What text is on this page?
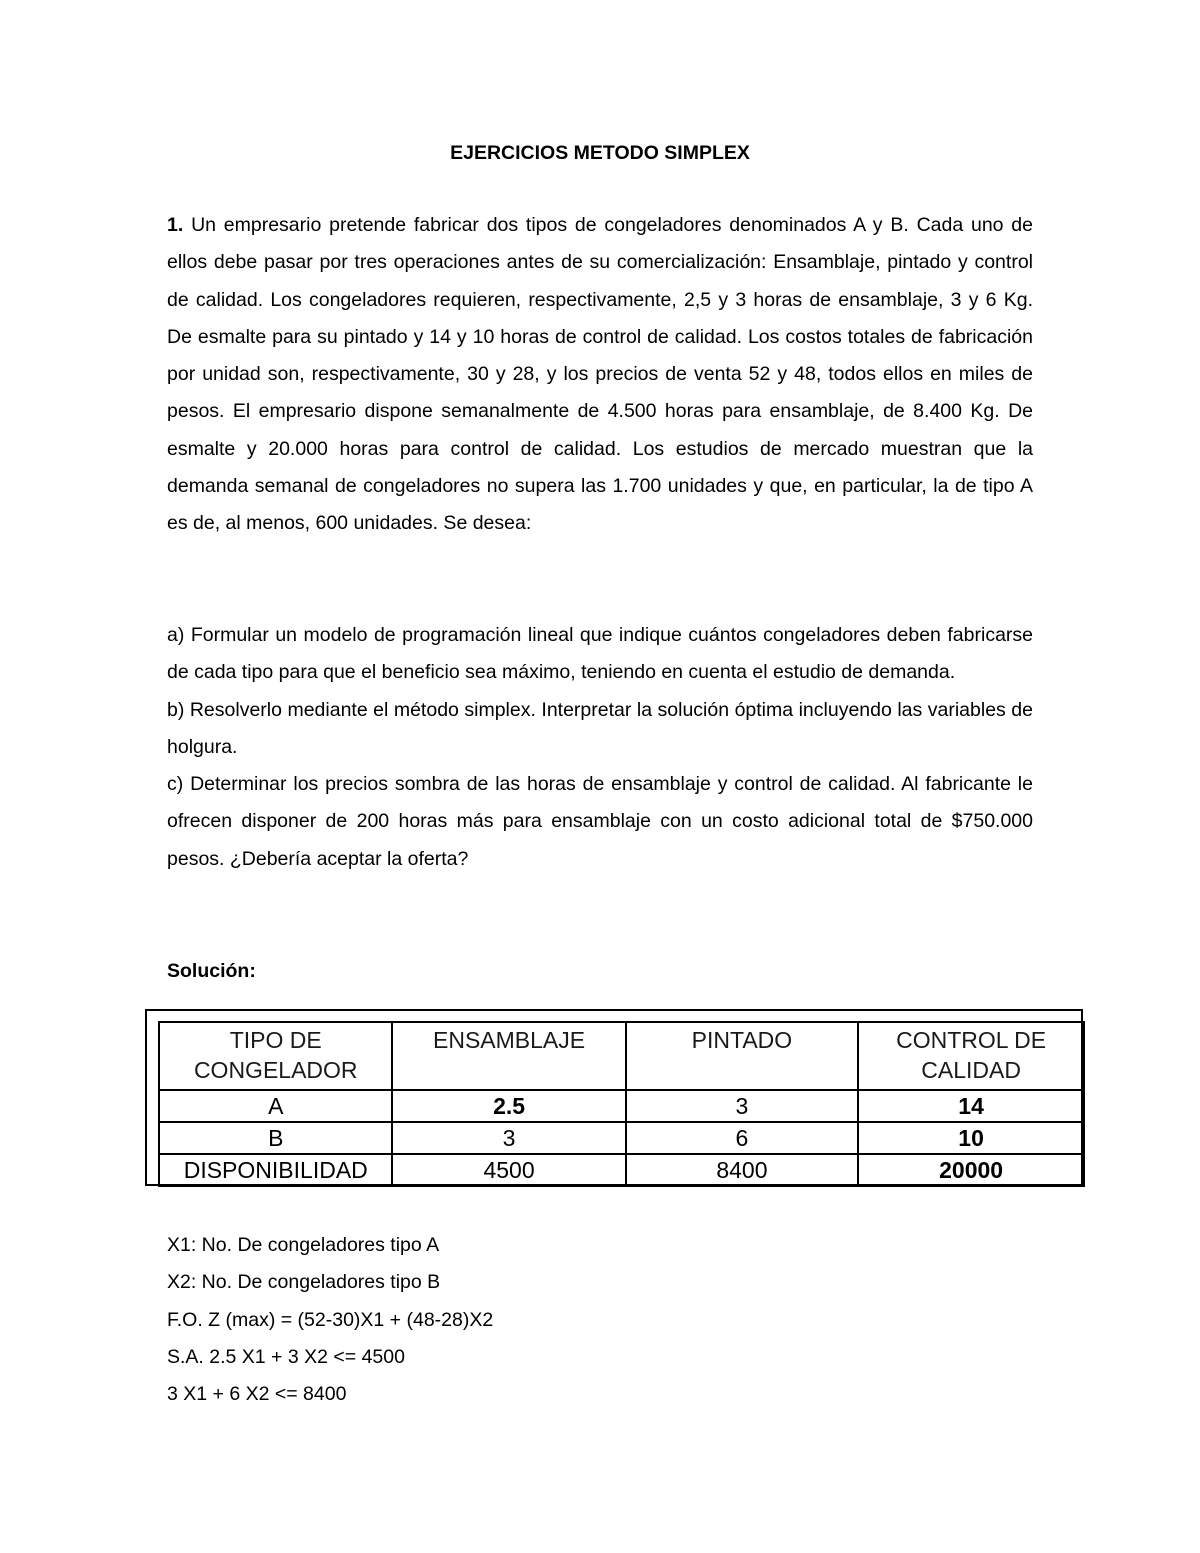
EJERCICIOS METODO SIMPLEX

1. Un empresario pretende fabricar dos tipos de congeladores denominados A y B. Cada uno de ellos debe pasar por tres operaciones antes de su comercialización: Ensamblaje, pintado y control de calidad. Los congeladores requieren, respectivamente, 2,5 y 3 horas de ensamblaje, 3 y 6 Kg. De esmalte para su pintado y 14 y 10 horas de control de calidad. Los costos totales de fabricación por unidad son, respectivamente, 30 y 28, y los precios de venta 52 y 48, todos ellos en miles de pesos. El empresario dispone semanalmente de 4.500 horas para ensamblaje, de 8.400 Kg. De esmalte y 20.000 horas para control de calidad. Los estudios de mercado muestran que la demanda semanal de congeladores no supera las 1.700 unidades y que, en particular, la de tipo A es de, al menos, 600 unidades. Se desea:

a) Formular un modelo de programación lineal que indique cuántos congeladores deben fabricarse de cada tipo para que el beneficio sea máximo, teniendo en cuenta el estudio de demanda.

b) Resolverlo mediante el método simplex. Interpretar la solución óptima incluyendo las variables de holgura.

c) Determinar los precios sombra de las horas de ensamblaje y control de calidad. Al fabricante le ofrecen disponer de 200 horas más para ensamblaje con un costo adicional total de $750.000 pesos. ¿Debería aceptar la oferta?

Solución:
TIPO DE CONGELADOR	ENSAMBLAJE	PINTADO	CONTROL DE CALIDAD
A	2.5	3	14
B	3	6	10
DISPONIBILIDAD	4500	8400	20000
X1: No. De congeladores tipo A
X2: No. De congeladores tipo B
F.O. Z (max) = (52-30)X1 + (48-28)X2
S.A. 2.5 X1 + 3 X2 <= 4500
3 X1 + 6 X2 <= 8400
